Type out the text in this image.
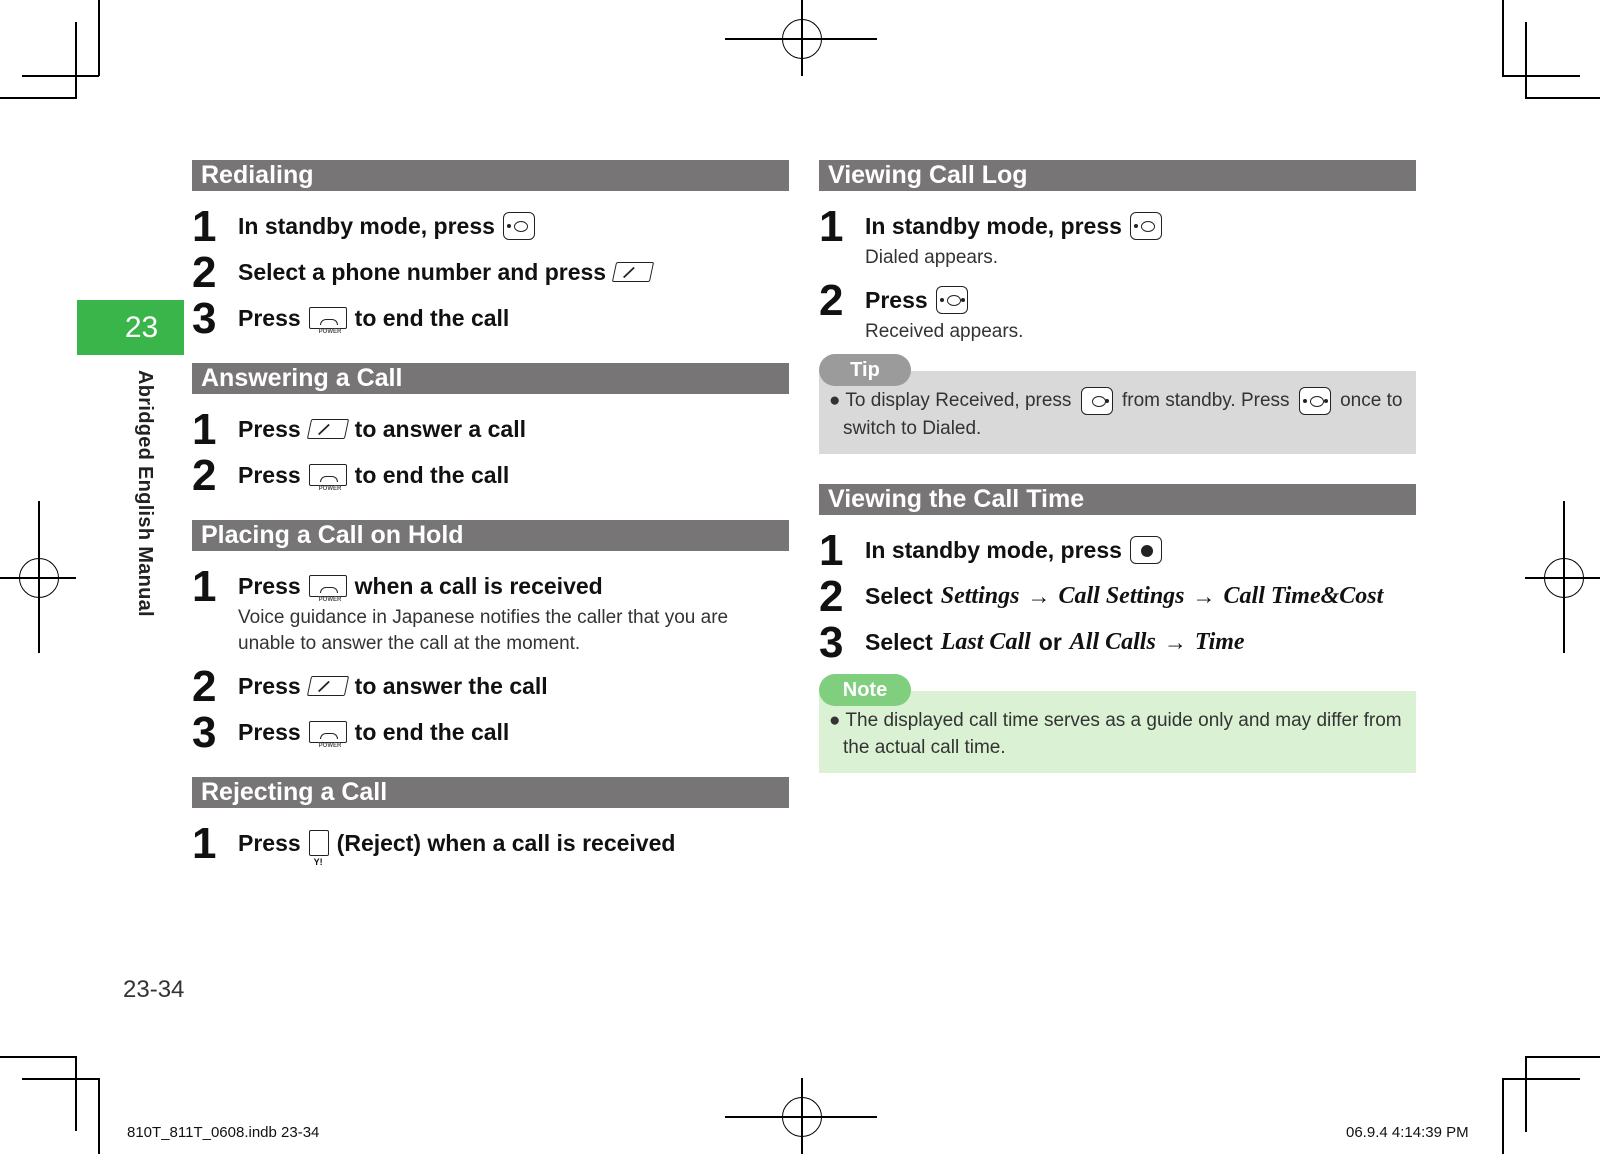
23
Abridged English Manual
Redialing
1 In standby mode, press
2 Select a phone number and press
3 Press POWER to end the call
Answering a Call
1 Press to answer a call
2 Press POWER to end the call
Placing a Call on Hold
1 Press POWER when a call is received
Voice guidance in Japanese notifies the caller that you are unable to answer the call at the moment.
2 Press to answer the call
3 Press POWER to end the call
Rejecting a Call
1 Press Y! (Reject) when a call is received
Viewing Call Log
1 In standby mode, press
Dialed appears.
2 Press
Received appears.
Tip
● To display Received, press	from standby. Press	once to switch to Dialed.
Viewing the Call Time
1 In standby mode, press
2 Select Settings → Call Settings → Call Time&Cost
3 Select Last Call or All Calls → Time
Note
● The displayed call time serves as a guide only and may differ from the actual call time.
23-34
810T_811T_0608.indb 23-34	06.9.4 4:14:39 PM
